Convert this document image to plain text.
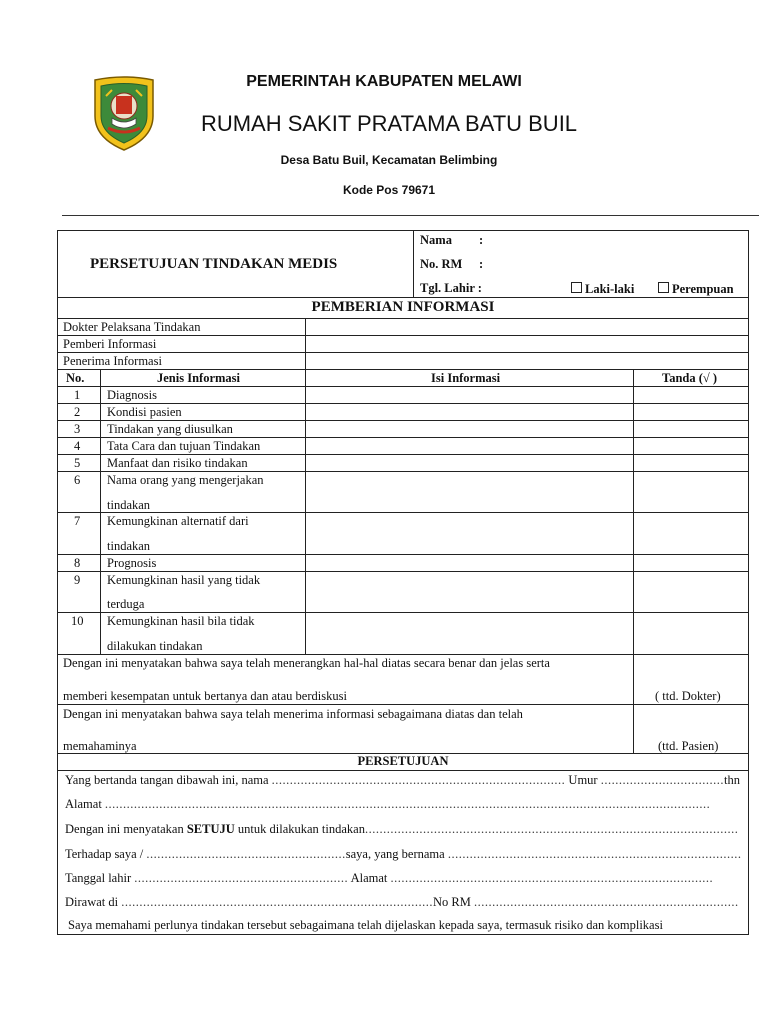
PEMERINTAH KABUPATEN MELAWI
RUMAH SAKIT PRATAMA BATU BUIL
Desa Batu Buil, Kecamatan Belimbing
Kode Pos 79671
PERSETUJUAN TINDAKAN MEDIS
Nama :
No. RM :
Tgl. Lahir :	Laki-laki	Perempuan
PEMBERIAN INFORMASI
Dokter Pelaksana Tindakan
Pemberi Informasi
Penerima Informasi
No.	Jenis Informasi	Isi Informasi	Tanda (√ )
1 Diagnosis
2 Kondisi pasien
3 Tindakan yang diusulkan
4 Tata Cara dan tujuan Tindakan
5 Manfaat dan risiko tindakan
6 Nama orang yang mengerjakan
tindakan
7 Kemungkinan alternatif dari
tindakan
8 Prognosis
9 Kemungkinan hasil yang tidak
terduga
10 Kemungkinan hasil bila tidak
dilakukan tindakan
Dengan ini menyatakan bahwa saya telah menerangkan hal-hal diatas secara benar dan jelas serta
memberi kesempatan untuk bertanya dan atau berdiskusi	( ttd. Dokter)
Dengan ini menyatakan bahwa saya telah menerima informasi sebagaimana diatas dan telah
memahaminya	(ttd. Pasien)
PERSETUJUAN
Yang bertanda tangan dibawah ini, nama ................................................................................. Umur ..................................thn
Alamat .......................................................................................................................................................................
Dengan ini menyatakan SETUJU untuk dilakukan tindakan.......................................................................................................
Terhadap saya / .......................................................saya, yang bernama .................................................................................
Tanggal lahir ........................................................... Alamat .........................................................................................
Dirawat di ......................................................................................No RM .........................................................................
Saya memahami perlunya tindakan tersebut sebagaimana telah dijelaskan kepada saya, termasuk risiko dan komplikasi
